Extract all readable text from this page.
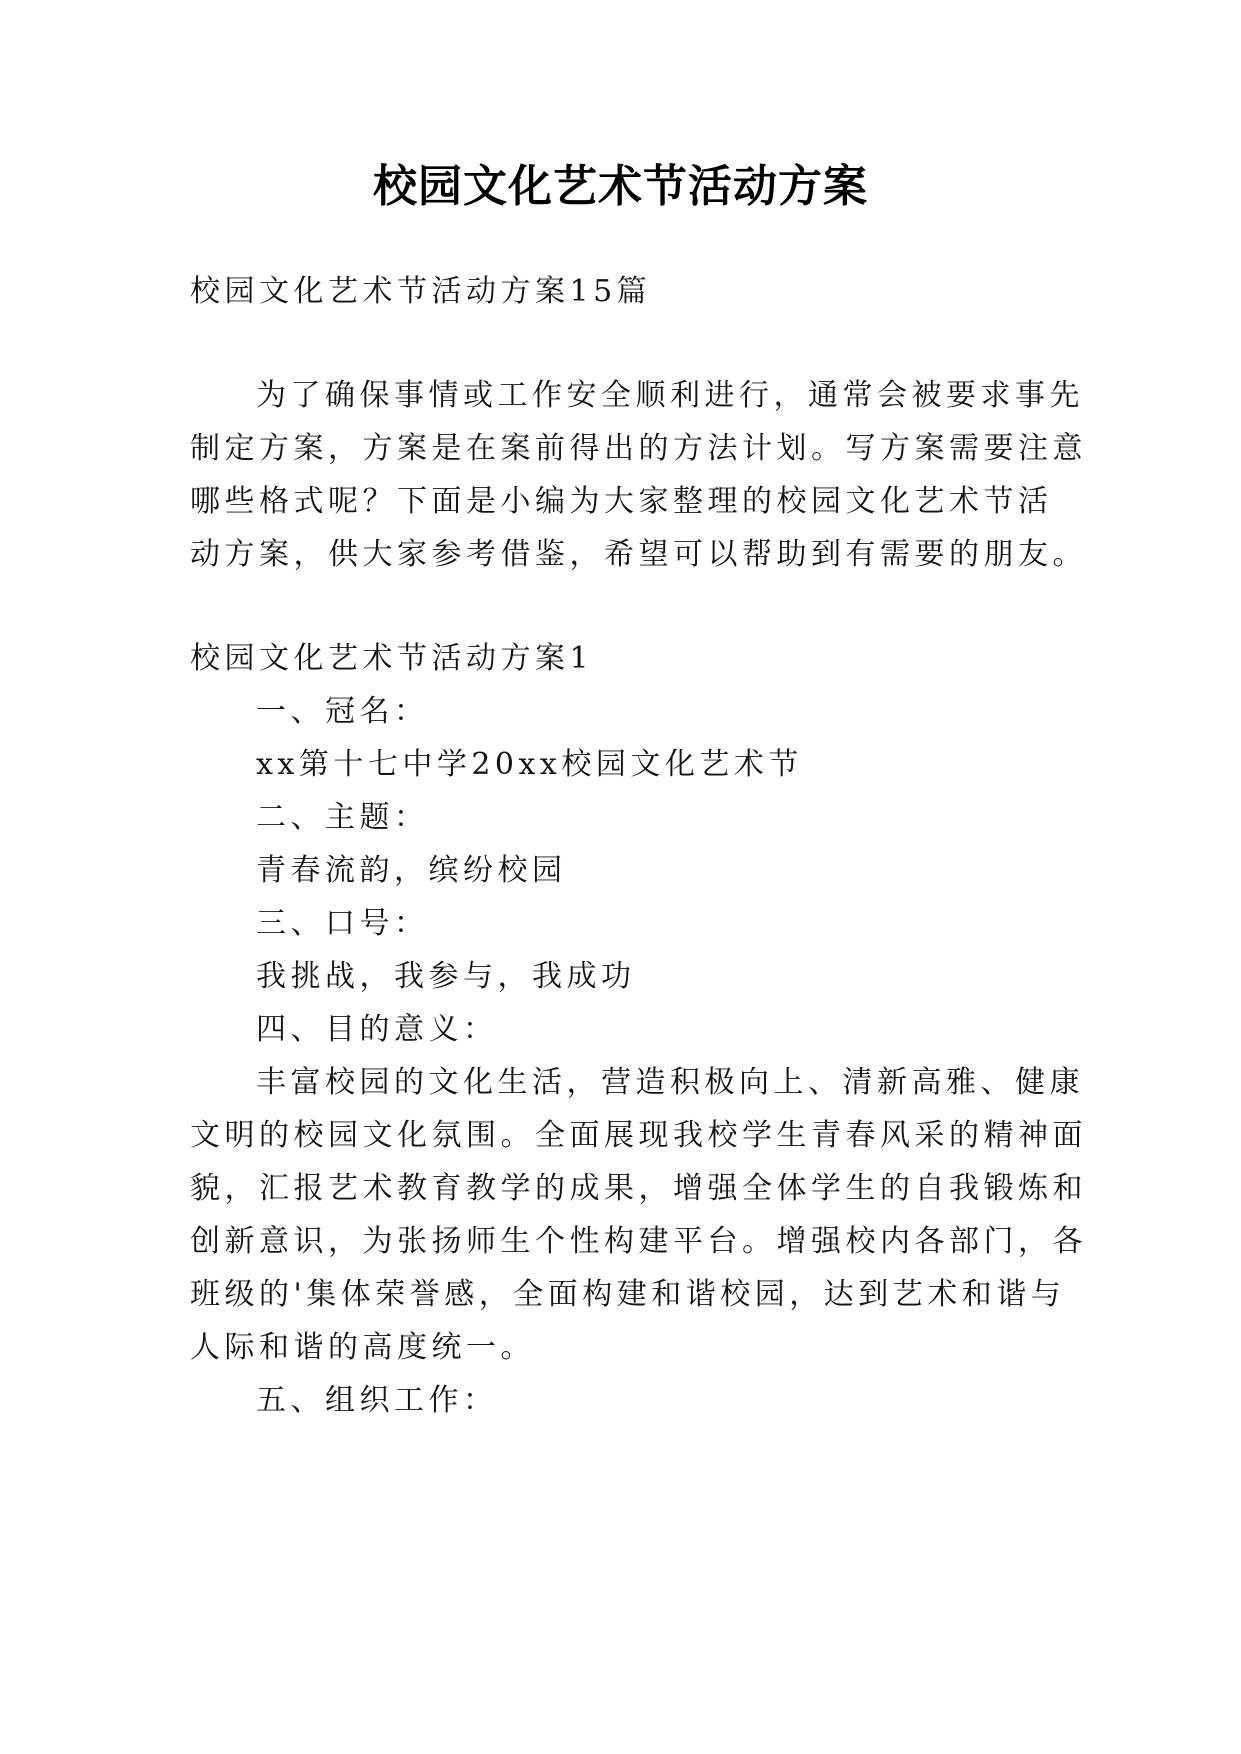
校园文化艺术节活动方案
校园文化艺术节活动方案15篇
为了确保事情或工作安全顺利进行，通常会被要求事先
制定方案，方案是在案前得出的方法计划。写方案需要注意
哪些格式呢？下面是小编为大家整理的校园文化艺术节活
动方案，供大家参考借鉴，希望可以帮助到有需要的朋友。
校园文化艺术节活动方案1
一、冠名：
xx第十七中学20xx校园文化艺术节
二、主题：
青春流韵，缤纷校园
三、口号：
我挑战，我参与，我成功
四、目的意义：
丰富校园的文化生活，营造积极向上、清新高雅、健康
文明的校园文化氛围。全面展现我校学生青春风采的精神面
貌，汇报艺术教育教学的成果，增强全体学生的自我锻炼和
创新意识，为张扬师生个性构建平台。增强校内各部门，各
班级的'集体荣誉感，全面构建和谐校园，达到艺术和谐与
人际和谐的高度统一。
五、组织工作：
